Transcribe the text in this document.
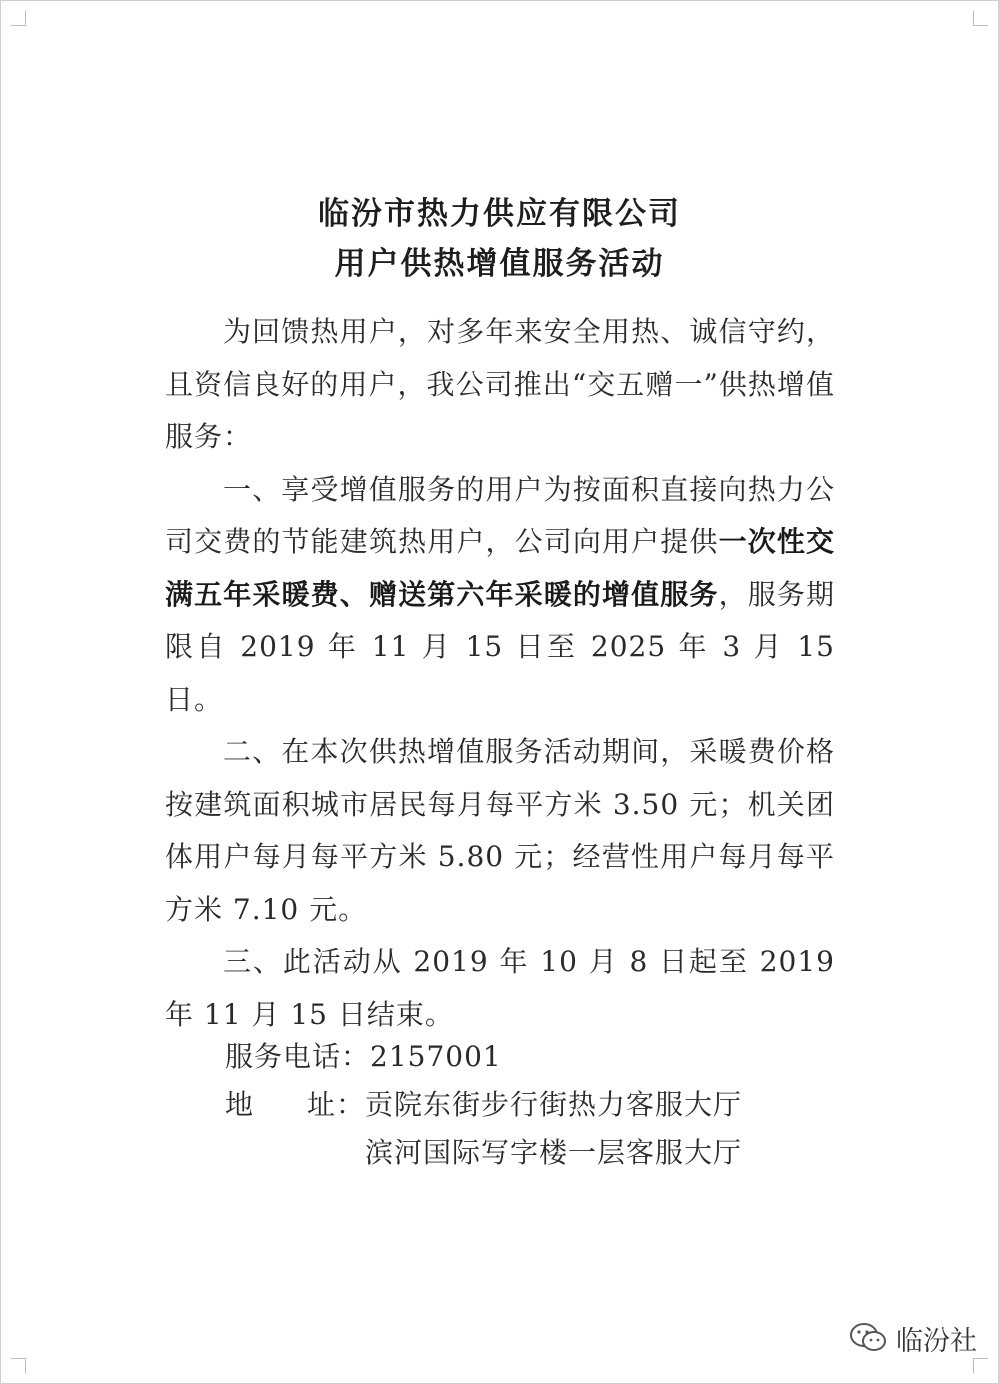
临汾市热力供应有限公司
用户供热增值服务活动

为回馈热用户，对多年来安全用热、诚信守约，且资信良好的用户，我公司推出“交五赠一”供热增值服务：

一、享受增值服务的用户为按面积直接向热力公司交费的节能建筑热用户，公司向用户提供一次性交满五年采暖费、赠送第六年采暖的增值服务，服务期限自 2019 年 11 月 15 日至 2025 年 3 月 15 日。

二、在本次供热增值服务活动期间，采暖费价格按建筑面积城市居民每月每平方米 3.50 元；机关团体用户每月每平方米 5.80 元；经营性用户每月每平方米 7.10 元。

三、此活动从 2019 年 10 月 8 日起至 2019 年 11 月 15 日结束。

服务电话：2157001
地 址：贡院东街步行街热力客服大厅
滨河国际写字楼一层客服大厅
临汾社
